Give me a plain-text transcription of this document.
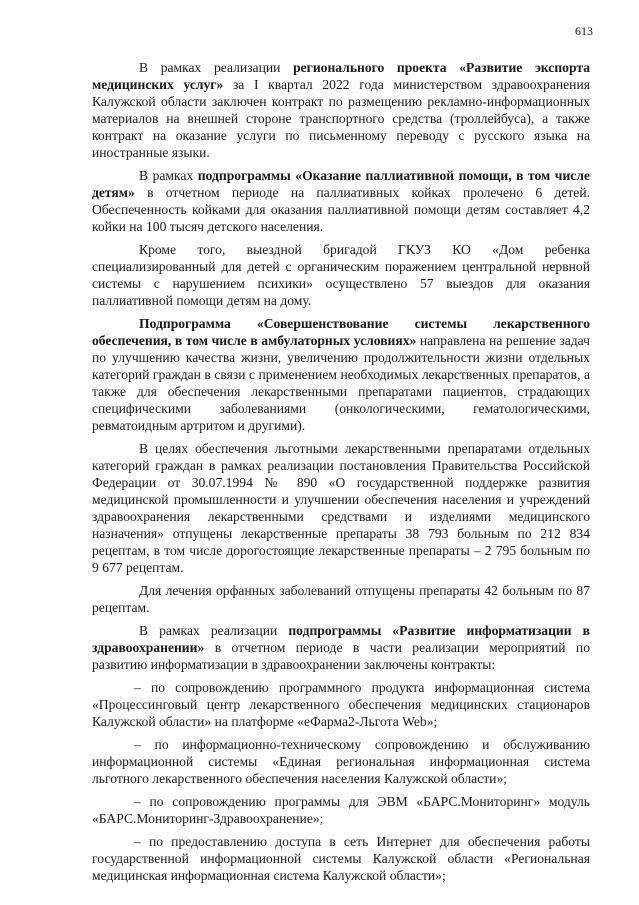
613

В рамках реализации регионального проекта «Развитие экспорта медицинских услуг» за I квартал 2022 года министерством здравоохранения Калужской области заключен контракт по размещению рекламно-информационных материалов на внешней стороне транспортного средства (троллейбуса), а также контракт на оказание услуги по письменному переводу с русского языка на иностранные языки.

В рамках подпрограммы «Оказание паллиативной помощи, в том числе детям» в отчетном периоде на паллиативных койках пролечено 6 детей. Обеспеченность койками для оказания паллиативной помощи детям составляет 4,2 койки на 100 тысяч детского населения.

Кроме того, выездной бригадой ГКУЗ КО «Дом ребенка специализированный для детей с органическим поражением центральной нервной системы с нарушением психики» осуществлено 57 выездов для оказания паллиативной помощи детям на дому.

Подпрограмма «Совершенствование системы лекарственного обеспечения, в том числе в амбулаторных условиях» направлена на решение задач по улучшению качества жизни, увеличению продолжительности жизни отдельных категорий граждан в связи с применением необходимых лекарственных препаратов, а также для обеспечения лекарственными препаратами пациентов, страдающих специфическими заболеваниями (онкологическими, гематологическими, ревматоидным артритом и другими).

В целях обеспечения льготными лекарственными препаратами отдельных категорий граждан в рамках реализации постановления Правительства Российской Федерации от 30.07.1994 № 890 «О государственной поддержке развития медицинской промышленности и улучшении обеспечения населения и учреждений здравоохранения лекарственными средствами и изделиями медицинского назначения» отпущены лекарственные препараты 38 793 больным по 212 834 рецептам, в том числе дорогостоящие лекарственные препараты – 2 795 больным по 9 677 рецептам.

Для лечения орфанных заболеваний отпущены препараты 42 больным по 87 рецептам.

В рамках реализации подпрограммы «Развитие информатизации в здравоохранении» в отчетном периоде в части реализации мероприятий по развитию информатизации в здравоохранении заключены контракты:

– по сопровождению программного продукта информационная система «Процессинговый центр лекарственного обеспечения медицинских стационаров Калужской области» на платформе «еФарма2-Льгота Web»;

– по информационно-техническому сопровождению и обслуживанию информационной системы «Единая региональная информационная система льготного лекарственного обеспечения населения Калужской области»;

– по сопровождению программы для ЭВМ «БАРС.Мониторинг» модуль «БАРС.Мониторинг-Здравоохранение»;

– по предоставлению доступа в сеть Интернет для обеспечения работы государственной информационной системы Калужской области «Региональная медицинская информационная система Калужской области»;
